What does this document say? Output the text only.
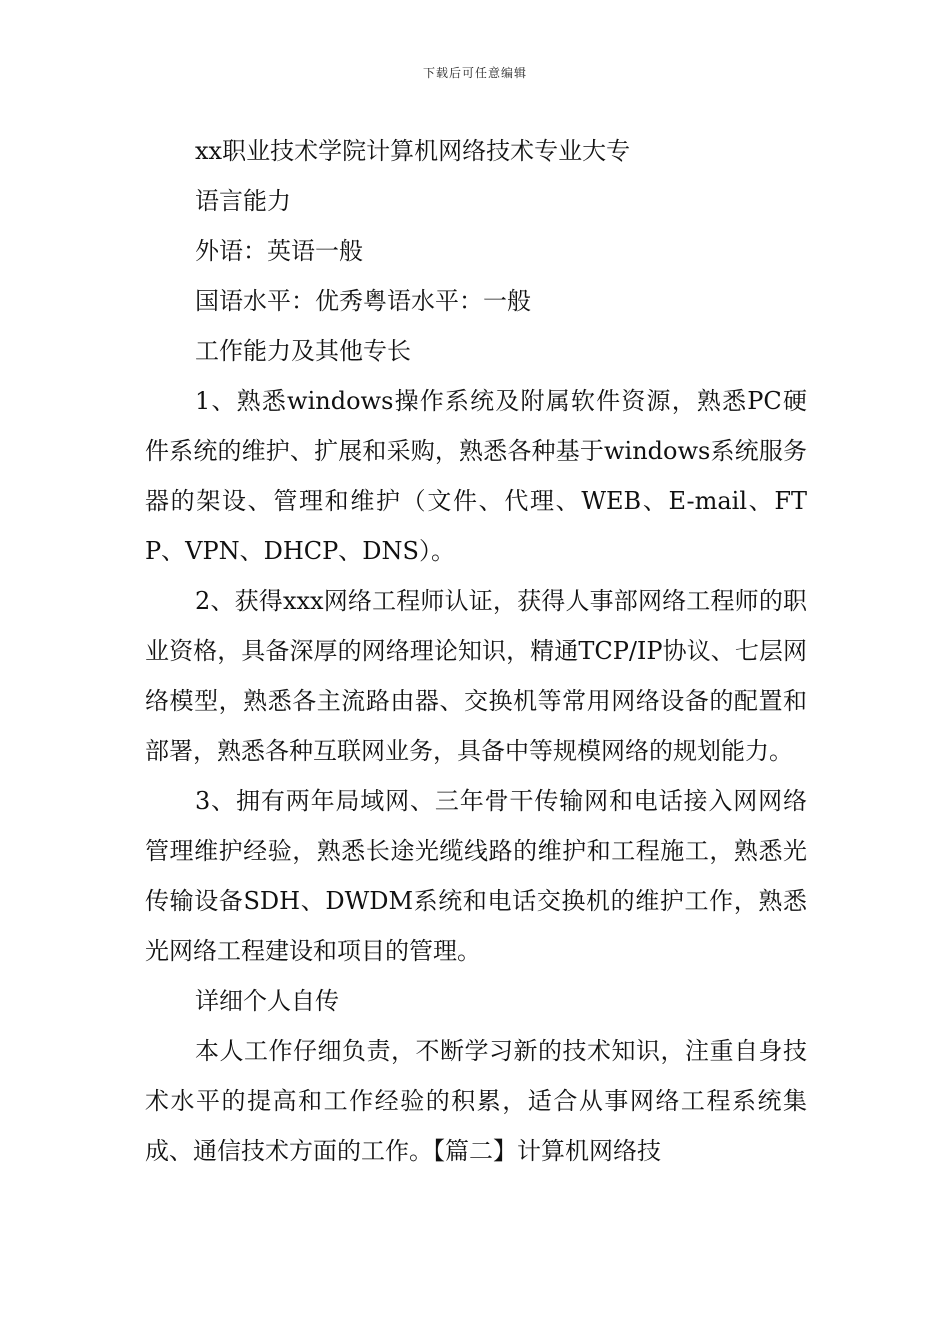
下载后可任意编辑

xx职业技术学院计算机网络技术专业大专

语言能力

外语：英语一般

国语水平：优秀粤语水平：一般

工作能力及其他专长

1、熟悉windows操作系统及附属软件资源，熟悉PC硬件系统的维护、扩展和采购，熟悉各种基于windows系统服务器的架设、管理和维护（文件、代理、WEB、E-mail、FTP、VPN、DHCP、DNS）。

2、获得xxx网络工程师认证，获得人事部网络工程师的职业资格，具备深厚的网络理论知识，精通TCP/IP协议、七层网络模型，熟悉各主流路由器、交换机等常用网络设备的配置和部署，熟悉各种互联网业务，具备中等规模网络的规划能力。

3、拥有两年局域网、三年骨干传输网和电话接入网网络管理维护经验，熟悉长途光缆线路的维护和工程施工，熟悉光传输设备SDH、DWDM系统和电话交换机的维护工作，熟悉光网络工程建设和项目的管理。

详细个人自传

本人工作仔细负责，不断学习新的技术知识，注重自身技术水平的提高和工作经验的积累，适合从事网络工程系统集成、通信技术方面的工作。【篇二】计算机网络技
